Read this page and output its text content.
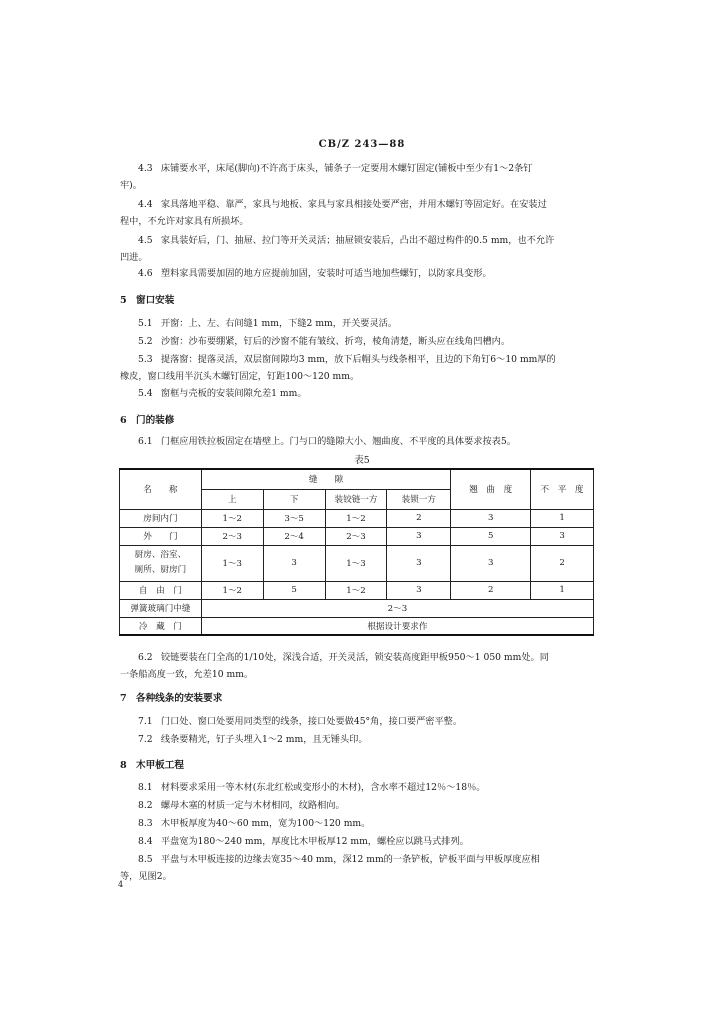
CB/Z 243—88
4.3 床铺要水平，床尾(脚向)不许高于床头，铺条子一定要用木螺钉固定(铺板中至少有1～2条钉
牢)。
4.4 家具落地平稳、靠严，家具与地板、家具与家具相接处要严密，并用木螺钉等固定好。在安装过
程中，不允许对家具有所损坏。
4.5 家具装好后，门、抽屉、拉门等开关灵活；抽屉锁安装后，凸出不超过构件的0.5 mm，也不允许
凹进。
4.6 塑料家具需要加固的地方应提前加固，安装时可适当地加些螺钉，以防家具变形。
5 窗口安装
5.1 开窗：上、左、右间缝1 mm，下缝2 mm，开关要灵活。
5.2 沙窗：沙布要绷紧，钉后的沙窗不能有皱纹、折弯，棱角清楚，断头应在线角凹槽内。
5.3 提落窗：提落灵活，双层窗间隙均3 mm，放下后帽头与线条相平，且边的下角钉6～10 mm厚的
橡皮，窗口线用半沉头木螺钉固定，钉距100～120 mm。
5.4 窗框与壳板的安装间隙允差1 mm。
6 门的装修
6.1 门框应用铁拉板固定在墙壁上。门与口的缝隙大小、翘曲度、不平度的具体要求按表5。
表5
名　　称	缝　　隙				翘　曲　度	不　平　度
	上	下	装铰链一方	装锁一方		
房间内门	1～2	3～5	1～2	2	3	1
外　　门	2～3	2～4	2～3	3	5	3

厨房、浴室、
厕所、厨房门	1～3	3	1～3	3	3	2
自　由　门	1～2	5	1～2	3	2	1
弹簧玻璃门中缝	2～3					
冷　藏　门	根据设计要求作					
6.2 铰链要装在门全高的1/10处，深浅合适，开关灵活，锁安装高度距甲板950～1 050 mm处。同
一条船高度一致，允差10 mm。
7 各种线条的安装要求
7.1 门口处、窗口处要用同类型的线条，接口处要做45°角，接口要严密平整。
7.2 线条要精光，钉子头埋入1～2 mm，且无锤头印。
8 木甲板工程
8.1 材料要求采用一等木材(东北红松或变形小的木材)，含水率不超过12％～18％。
8.2 螺母木塞的材质一定与木材相同，纹路相向。
8.3 木甲板厚度为40～60 mm，宽为100～120 mm。
8.4 平盘宽为180～240 mm，厚度比木甲板厚12 mm，螺栓应以跳马式排列。
8.5 平盘与木甲板连接的边缘去宽35～40 mm，深12 mm的一条铲板，铲板平面与甲板厚度应相
等，见图2。
4
